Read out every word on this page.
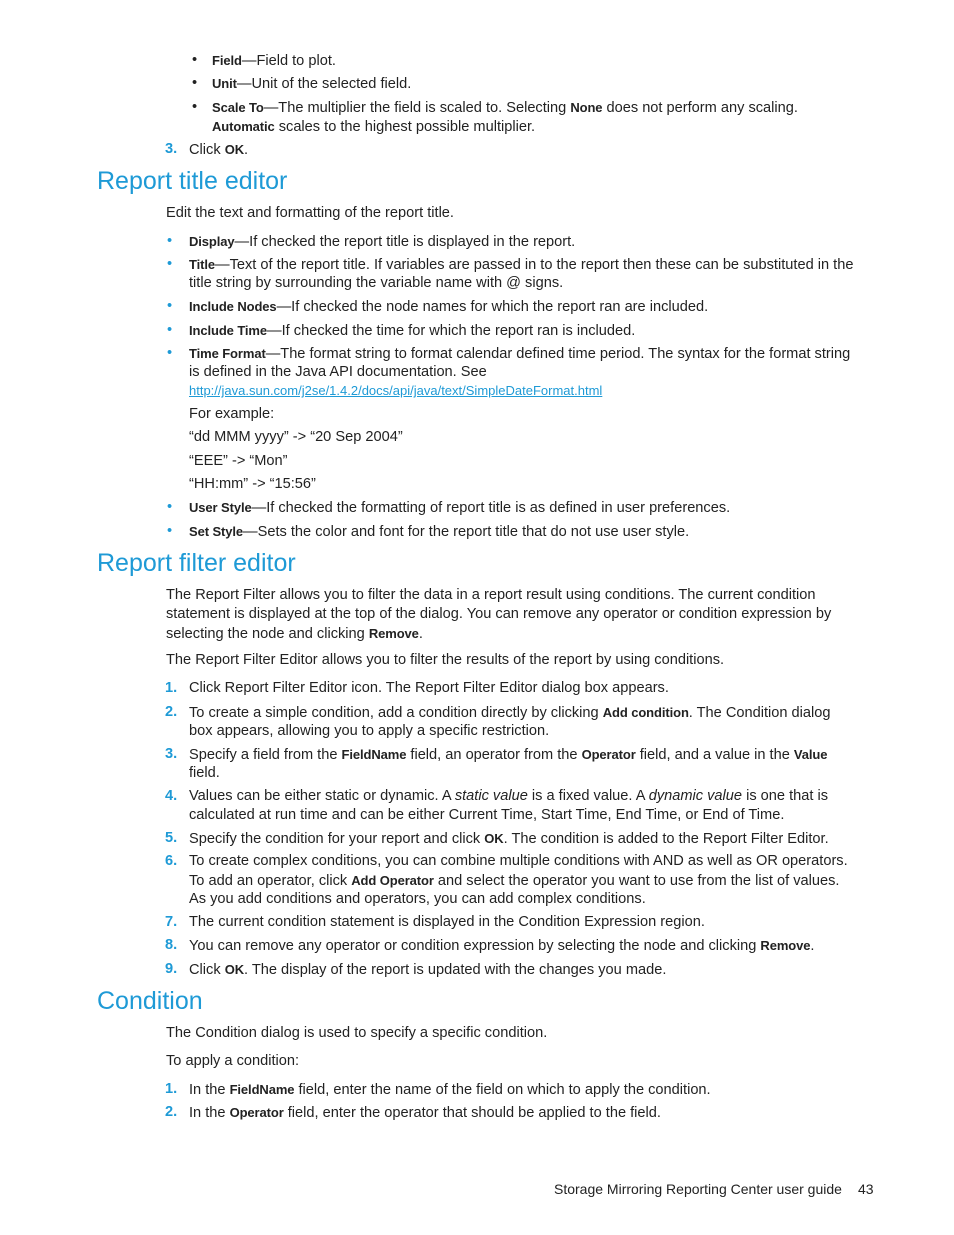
• Field—Field to plot.
• Unit—Unit of the selected field.
• Scale To—The multiplier the field is scaled to. Selecting None does not perform any scaling.
Automatic scales to the highest possible multiplier.
3. Click OK.
Report title editor
Edit the text and formatting of the report title.
• Display—If checked the report title is displayed in the report.
• Title—Text of the report title. If variables are passed in to the report then these can be substituted in the
title string by surrounding the variable name with @ signs.
• Include Nodes—If checked the node names for which the report ran are included.
• Include Time—If checked the time for which the report ran is included.
• Time Format—The format string to format calendar defined time period. The syntax for the format string
is defined in the Java API documentation. See
http://java.sun.com/j2se/1.4.2/docs/api/java/text/SimpleDateFormat.html
For example:
“dd MMM yyyy” -> “20 Sep 2004”
“EEE” -> “Mon”
“HH:mm” -> “15:56”
• User Style—If checked the formatting of report title is as defined in user preferences.
• Set Style—Sets the color and font for the report title that do not use user style.
Report filter editor
The Report Filter allows you to filter the data in a report result using conditions. The current condition
statement is displayed at the top of the dialog. You can remove any operator or condition expression by
selecting the node and clicking Remove.
The Report Filter Editor allows you to filter the results of the report by using conditions.
1. Click Report Filter Editor icon. The Report Filter Editor dialog box appears.
2. To create a simple condition, add a condition directly by clicking Add condition. The Condition dialog
box appears, allowing you to apply a specific restriction.
3. Specify a field from the FieldName field, an operator from the Operator field, and a value in the Value
field.
4. Values can be either static or dynamic. A static value is a fixed value. A dynamic value is one that is
calculated at run time and can be either Current Time, Start Time, End Time, or End of Time.
5. Specify the condition for your report and click OK. The condition is added to the Report Filter Editor.
6. To create complex conditions, you can combine multiple conditions with AND as well as OR operators.
To add an operator, click Add Operator and select the operator you want to use from the list of values.
As you add conditions and operators, you can add complex conditions.
7. The current condition statement is displayed in the Condition Expression region.
8. You can remove any operator or condition expression by selecting the node and clicking Remove.
9. Click OK. The display of the report is updated with the changes you made.
Condition
The Condition dialog is used to specify a specific condition.
To apply a condition:
1. In the FieldName field, enter the name of the field on which to apply the condition.
2. In the Operator field, enter the operator that should be applied to the field.
Storage Mirroring Reporting Center user guide 43
